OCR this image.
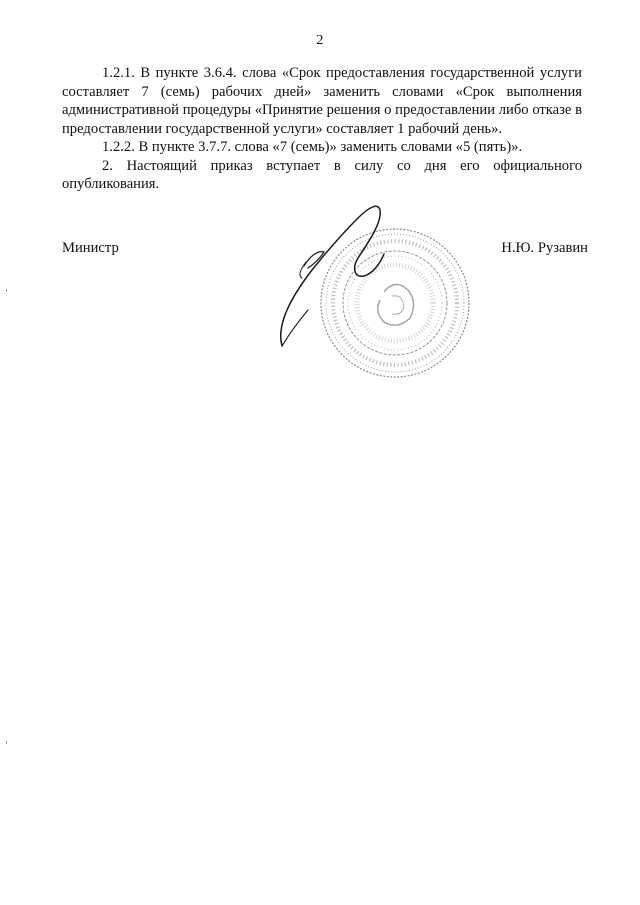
2

1.2.1. В пункте 3.6.4. слова «Срок предоставления государственной услуги составляет 7 (семь) рабочих дней» заменить словами «Срок выполнения административной процедуры «Принятие решения о предоставлении либо отказе в предоставлении государственной услуги» составляет 1 рабочий день».

1.2.2. В пункте 3.7.7. слова «7 (семь)» заменить словами «5 (пять)».

2. Настоящий приказ вступает в силу со дня его официального опубликования.

Министр	Н.Ю. Рузавин
